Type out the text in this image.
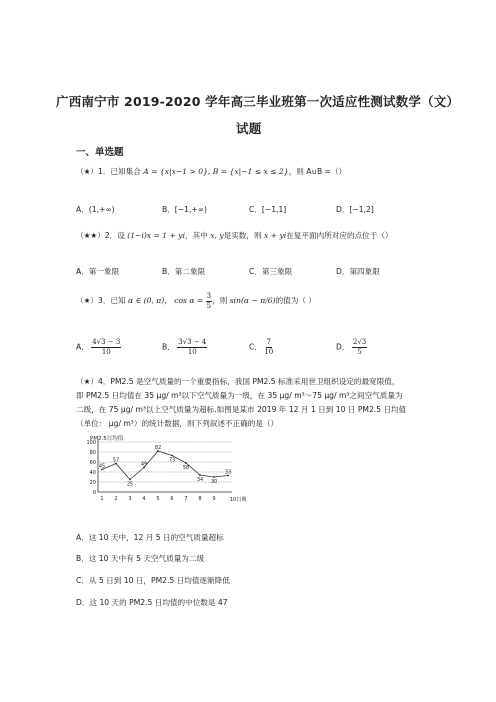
广西南宁市 2019-2020 学年高三毕业班第一次适应性测试数学（文）
试题
一、单选题
（★）1．已知集合 A = {x|x−1 > 0}, B = {x|−1 ≤ x ≤ 2}，则 A∪B =（）
A．(1,+∞)	B．[−1,+∞)	C．[−1,1]	D．[−1,2]
（★★）2．设 (1−i)x = 1 + yi，其中 x, y是实数，则 x + yi在复平面内所对应的点位于（）
A．第一象限	B．第二象限	C．第三象限	D．第四象限
（★）3．已知 α ∈ (0, π)， $\cos \alpha = \frac{3}{5}$ ，则 sin(α − π/6)的值为（ ）
A． $\frac{4√3 - 3}{10}$	B． $\frac{3√3 - 4}{10}$	C． $\frac{7}{10}$	D． $\frac{2√3}{5}$
（★）4．PM2.5 是空气质量的一个重要指标，我国 PM2.5 标准采用世卫组织设定的最宽限值，
即 PM2.5 日均值在 35 μg/ m³以下空气质量为一级，在 35 μg/ m³～75 μg/ m³之间空气质量为
二级，在 75 μg/ m³以上空气质量为超标.如图是某市 2019 年 12 月 1 日到 10 日 PM2.5 日均值
（单位： μg/ m³）的统计数据，则下列叙述不正确的是（）
PM2.5日均值
10日期
0
20
40
60
80
100
1 2 3 4 5 6 7 8 9
45
57
25
49
82
73
58
34 30
33
A．这 10 天中，12 月 5 日的空气质量超标
B．这 10 天中有 5 天空气质量为二级
C．从 5 日到 10 日，PM2.5 日均值逐渐降低
D．这 10 天的 PM2.5 日均值的中位数是 47
